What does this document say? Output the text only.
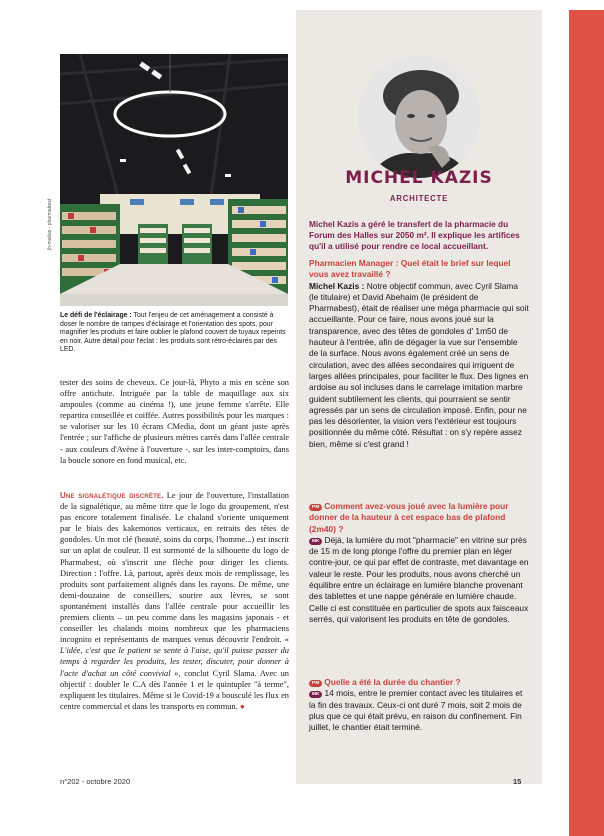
jb-matias - pharmabest
Le défi de l'éclairage : Tout l'enjeu de cet aménagement a consisté à doser le nombre de rampes d'éclairage et l'orientation des spots, pour magnifier les produits et faire oublier le plafond couvert de tuyaux repeints en noir. Autre détail pour l'éclat : les produits sont rétro-éclairés par des LED.

tester des soins de cheveux. Ce jour-là, Phyto a mis en scène son offre antichute. Intriguée par la table de maquillage aux six ampoules (comme au cinéma !), une jeune femme s'arrête. Elle repartira conseillée et coiffée. Autres possibilités pour les marques : se valoriser sur les 10 écrans CMedia, dont un géant juste après l'entrée ; sur l'affiche de plusieurs mètres carrés dans l'allée centrale - aux couleurs d'Avène à l'ouverture -, sur les inter-comptoirs, dans la boucle sonore en fond musical, etc.

Une signalétique discrète. Le jour de l'ouverture, l'installation de la signalétique, au même titre que le logo du groupement, n'est pas encore totalement finalisée. Le chaland s'oriente uniquement par le biais des kakemonos verticaux, en retraits des têtes de gondoles. Un mot clé (beauté, soins du corps, l'homme...) est inscrit sur un aplat de couleur. Il est surmonté de la silhouette du logo de Pharmabest, où s'inscrit une flèche pour diriger les clients. Direction : l'offre. Là, partout, après deux mois de remplissage, les produits sont parfaitement alignés dans les rayons. De même, une demi-douzaine de conseillers, sourire aux lèvres, se sont spontanément installés dans l'allée centrale pour accueillir les premiers clients – un peu comme dans les magasins japonais - et conseiller les chalands moins nombreux que les pharmaciens incognito et représentants de marques venus découvrir l'endroit. « L'idée, c'est que le patient se sente à l'aise, qu'il puisse passer du temps à regarder les produits, les tester, discuter, pour donner à l'acte d'achat un côté convivial », conclut Cyril Slama. Avec un objectif : doubler le C.A dès l'année 1 et le quintupler "à terme", expliquent les titulaires. Même si le Covid-19 a bousculé les flux en centre commercial et dans les transports en commun. ●

MICHEL KAZIS
ARCHITECTE
Michel Kazis a géré le transfert de la pharmacie du Forum des Halles sur 2050 m². Il explique les artifices qu'il a utilisé pour rendre ce local accueillant.

Pharmacien Manager : Quel était le brief sur lequel vous avez travaillé ?

Michel Kazis : Notre objectif commun, avec Cyril Slama (le titulaire) et David Abehaim (le président de Pharmabest), était de réaliser une méga pharmacie qui soit accueillante. Pour ce faire, nous avons joué sur la transparence, avec des têtes de gondoles d' 1m50 de hauteur à l'entrée, afin de dégager la vue sur l'ensemble de la surface. Nous avons également créé un sens de circulation, avec des allées secondaires qui irriguent de larges allées principales, pour faciliter le flux. Des lignes en ardoise au sol incluses dans le carrelage imitation marbre guident subtilement les clients, qui pourraient se sentir agressés par un sens de circulation imposé. Enfin, pour ne pas les désorienter, la vision vers l'extérieur est toujours positionnée du même côté. Résultat : on s'y repère assez bien, même si c'est grand !

PM Comment avez-vous joué avec la lumière pour donner de la hauteur à cet espace bas de plafond (2m40) ?

MK Déjà, la lumière du mot "pharmacie" en vitrine sur près de 15 m de long plonge l'offre du premier plan en léger contre-jour, ce qui par effet de contraste, met davantage en valeur le reste. Pour les produits, nous avons cherché un équilibre entre un éclairage en lumière blanche provenant des tablettes et une nappe générale en lumière chaude. Celle ci est constituée en particulier de spots aux faisceaux serrés, qui valorisent les produits en tête de gondoles.

PM Quelle a été la durée du chantier ?

MK 14 mois, entre le premier contact avec les titulaires et la fin des travaux. Ceux-ci ont duré 7 mois, soit 2 mois de plus que ce qui était prévu, en raison du confinement. Fin juillet, le chantier était terminé.

n°202 - octobre 2020	15
